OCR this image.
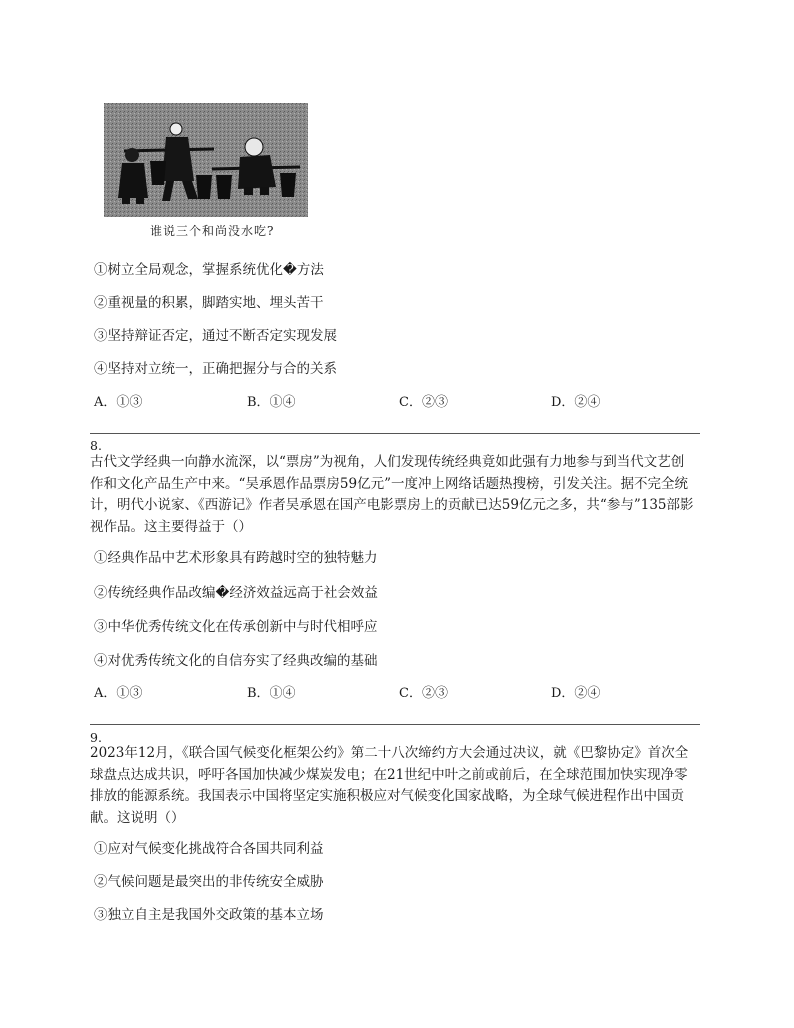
谁说三个和尚没水吃?
①树立全局观念，掌握系统优化�方法
②重视量的积累，脚踏实地、埋头苦干
③坚持辩证否定，通过不断否定实现发展
④坚持对立统一，正确把握分与合的关系
A．①③	B．①④	C．②③	D．②④
8.
古代文学经典一向静水流深，以“票房”为视角，人们发现传统经典竟如此强有力地参与到当代文艺创
作和文化产品生产中来。“吴承恩作品票房59亿元”一度冲上网络话题热搜榜，引发关注。据不完全统
计，明代小说家、《西游记》作者吴承恩在国产电影票房上的贡献已达59亿元之多，共“参与”135部影
视作品。这主要得益于（）
①经典作品中艺术形象具有跨越时空的独特魅力
②传统经典作品改编�经济效益远高于社会效益
③中华优秀传统文化在传承创新中与时代相呼应
④对优秀传统文化的自信夯实了经典改编的基础
A．①③	B．①④	C．②③	D．②④
9.
2023年12月，《联合国气候变化框架公约》第二十八次缔约方大会通过决议，就《巴黎协定》首次全
球盘点达成共识，呼吁各国加快减少煤炭发电；在21世纪中叶之前或前后，在全球范围加快实现净零
排放的能源系统。我国表示中国将坚定实施积极应对气候变化国家战略，为全球气候进程作出中国贡
献。这说明（）
①应对气候变化挑战符合各国共同利益
②气候问题是最突出的非传统安全威胁
③独立自主是我国外交政策的基本立场
